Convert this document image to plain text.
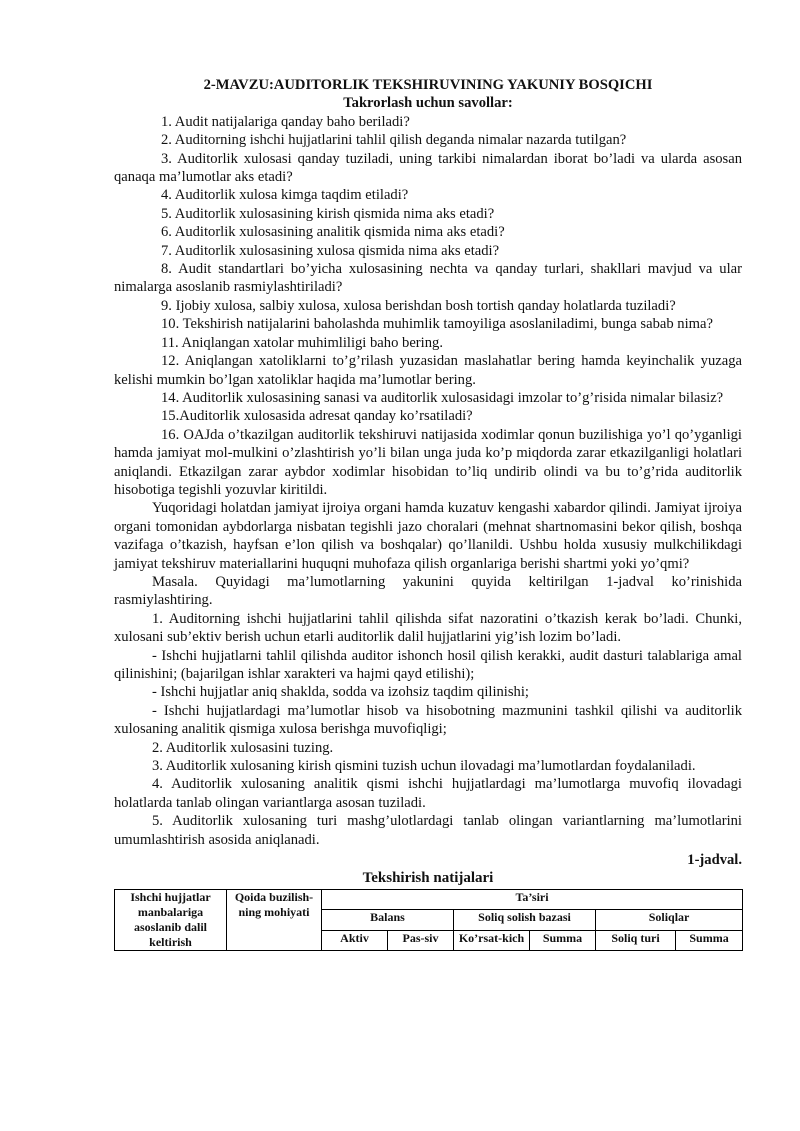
2-MAVZU:AUDITORLIK TEKSHIRUVINING YAKUNIY BOSQICHI

Takrorlash uchun savollar:

1. Audit natijalariga qanday baho beriladi?

2. Auditorning ishchi hujjatlarini tahlil qilish deganda nimalar nazarda tutilgan?

3. Auditorlik xulosasi qanday tuziladi, uning tarkibi nimalardan iborat bo’ladi va ularda asosan qanaqa ma’lumotlar aks etadi?

4. Auditorlik xulosa kimga taqdim etiladi?

5. Auditorlik xulosasining kirish qismida nima aks etadi?

6. Auditorlik xulosasining analitik qismida nima aks etadi?

7. Auditorlik xulosasining xulosa qismida nima aks etadi?

8. Audit standartlari bo’yicha xulosasining nechta va qanday turlari, shakllari mavjud va ular nimalarga asoslanib rasmiylashtiriladi?

9. Ijobiy xulosa, salbiy xulosa, xulosa berishdan bosh tortish qanday holatlarda tuziladi?

10. Tekshirish natijalarini baholashda muhimlik tamoyiliga asoslaniladimi, bunga sabab nima?

11. Aniqlangan xatolar muhimliligi baho bering.

12. Aniqlangan xatoliklarni to’g’rilash yuzasidan maslahatlar bering hamda keyinchalik yuzaga kelishi mumkin bo’lgan xatoliklar haqida ma’lumotlar bering.

14. Auditorlik xulosasining sanasi va auditorlik xulosasidagi imzolar to’g’risida nimalar bilasiz?

15.Auditorlik xulosasida adresat qanday ko’rsatiladi?

16. OAJda o’tkazilgan auditorlik tekshiruvi natijasida xodimlar qonun buzilishiga yo’l qo’yganligi hamda jamiyat mol-mulkini o’zlashtirish yo’li bilan unga juda ko’p miqdorda zarar etkazilganligi holatlari aniqlandi. Etkazilgan zarar aybdor xodimlar hisobidan to’liq undirib olindi va bu to’g’rida auditorlik hisobotiga tegishli yozuvlar kiritildi.

Yuqoridagi holatdan jamiyat ijroiya organi hamda kuzatuv kengashi xabardor qilindi. Jamiyat ijroiya organi tomonidan aybdorlarga nisbatan tegishli jazo choralari (mehnat shartnomasini bekor qilish, boshqa vazifaga o’tkazish, hayfsan e’lon qilish va boshqalar) qo’llanildi. Ushbu holda xususiy mulkchilikdagi jamiyat tekshiruv materiallarini huquqni muhofaza qilish organlariga berishi shartmi yoki yo’qmi?

Masala. Quyidagi ma’lumotlarning yakunini quyida keltirilgan 1-jadval ko’rinishida rasmiylashtiring.

1. Auditorning ishchi hujjatlarini tahlil qilishda sifat nazoratini o’tkazish kerak bo’ladi. Chunki, xulosani sub’ektiv berish uchun etarli auditorlik dalil hujjatlarini yig’ish lozim bo’ladi.

- Ishchi hujjatlarni tahlil qilishda auditor ishonch hosil qilish kerakki, audit dasturi talablariga amal qilinishini; (bajarilgan ishlar xarakteri va hajmi qayd etilishi);

- Ishchi hujjatlar aniq shaklda, sodda va izohsiz taqdim qilinishi;

- Ishchi hujjatlardagi ma’lumotlar hisob va hisobotning mazmunini tashkil qilishi va auditorlik xulosaning analitik qismiga xulosa berishga muvofiqligi;

2. Auditorlik xulosasini tuzing.

3. Auditorlik xulosaning kirish qismini tuzish uchun ilovadagi ma’lumotlardan foydalaniladi.

4. Auditorlik xulosaning analitik qismi ishchi hujjatlardagi ma’lumotlarga muvofiq ilovadagi holatlarda tanlab olingan variantlarga asosan tuziladi.

5. Auditorlik xulosaning turi mashg’ulotlardagi tanlab olingan variantlarning ma’lumotlarini umumlashtirish asosida aniqlanadi.

1-jadval.

Tekshirish natijalari

Ishchi hujjatlar manbalariga asoslanib dalil keltirish	Qoida buzilish-ning mohiyati	Ta’siri					
		Balans		Soliq solish bazasi		Soliqlar	
		Aktiv	Pas-siv	Ko’rsat-kich	Summa	Soliq turi	Summa
